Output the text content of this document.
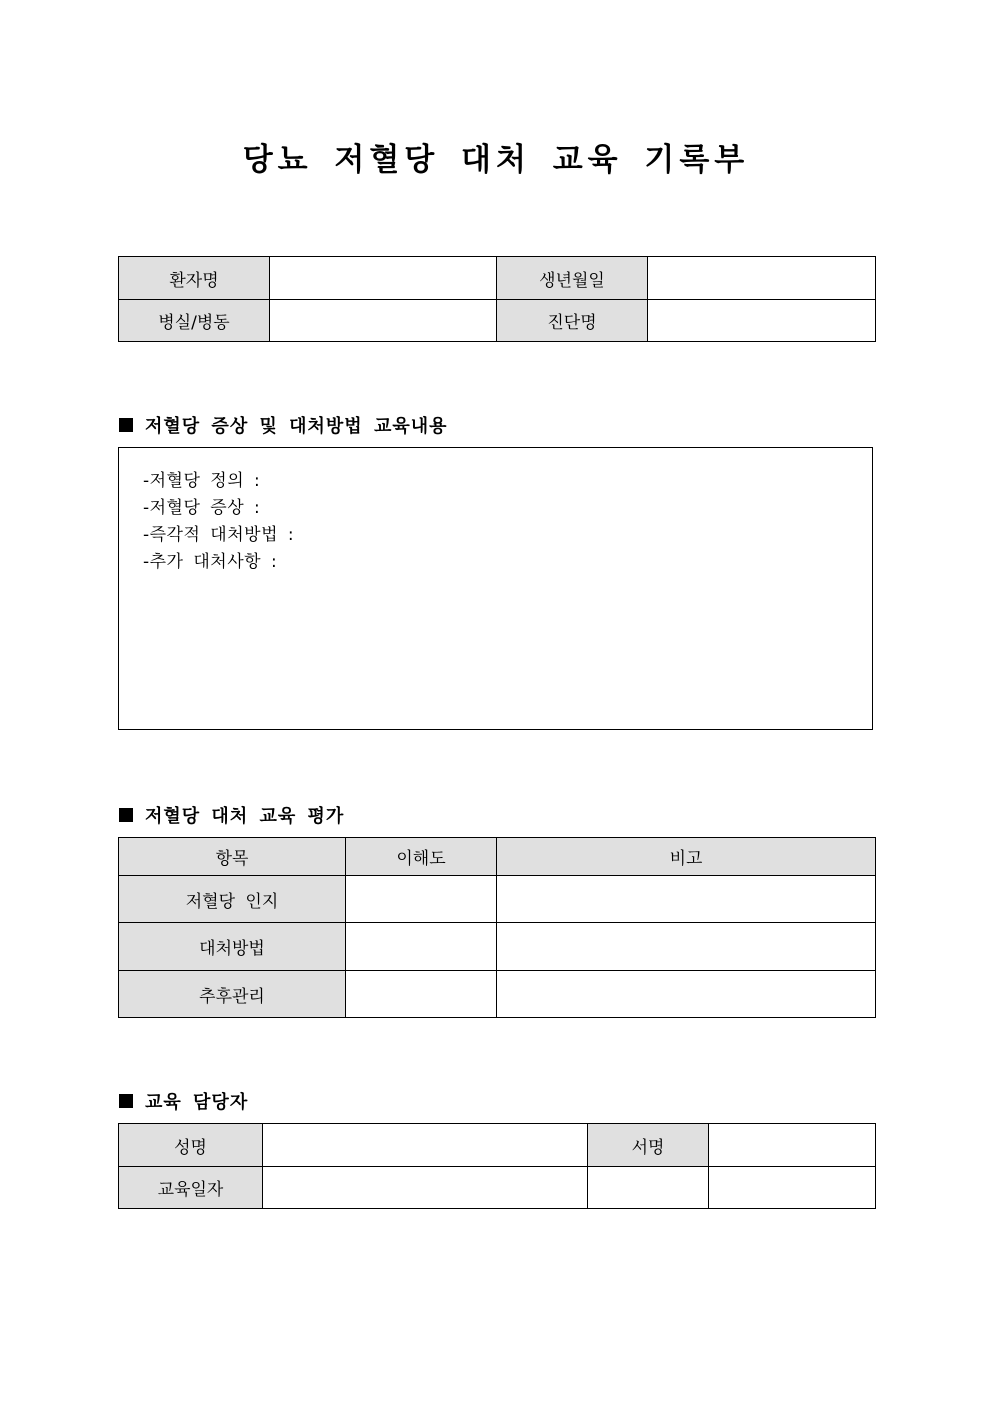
당뇨 저혈당 대처 교육 기록부
환자명		생년월일	
병실/병동		진단명	
저혈당 증상 및 대처방법 교육내용
-저혈당 정의 :
-저혈당 증상 :
-즉각적 대처방법 :
-추가 대처사항 :
저혈당 대처 교육 평가
항목	이해도	비고
저혈당 인지		
대처방법		
추후관리		
교육 담당자
성명		서명	
교육일자			
